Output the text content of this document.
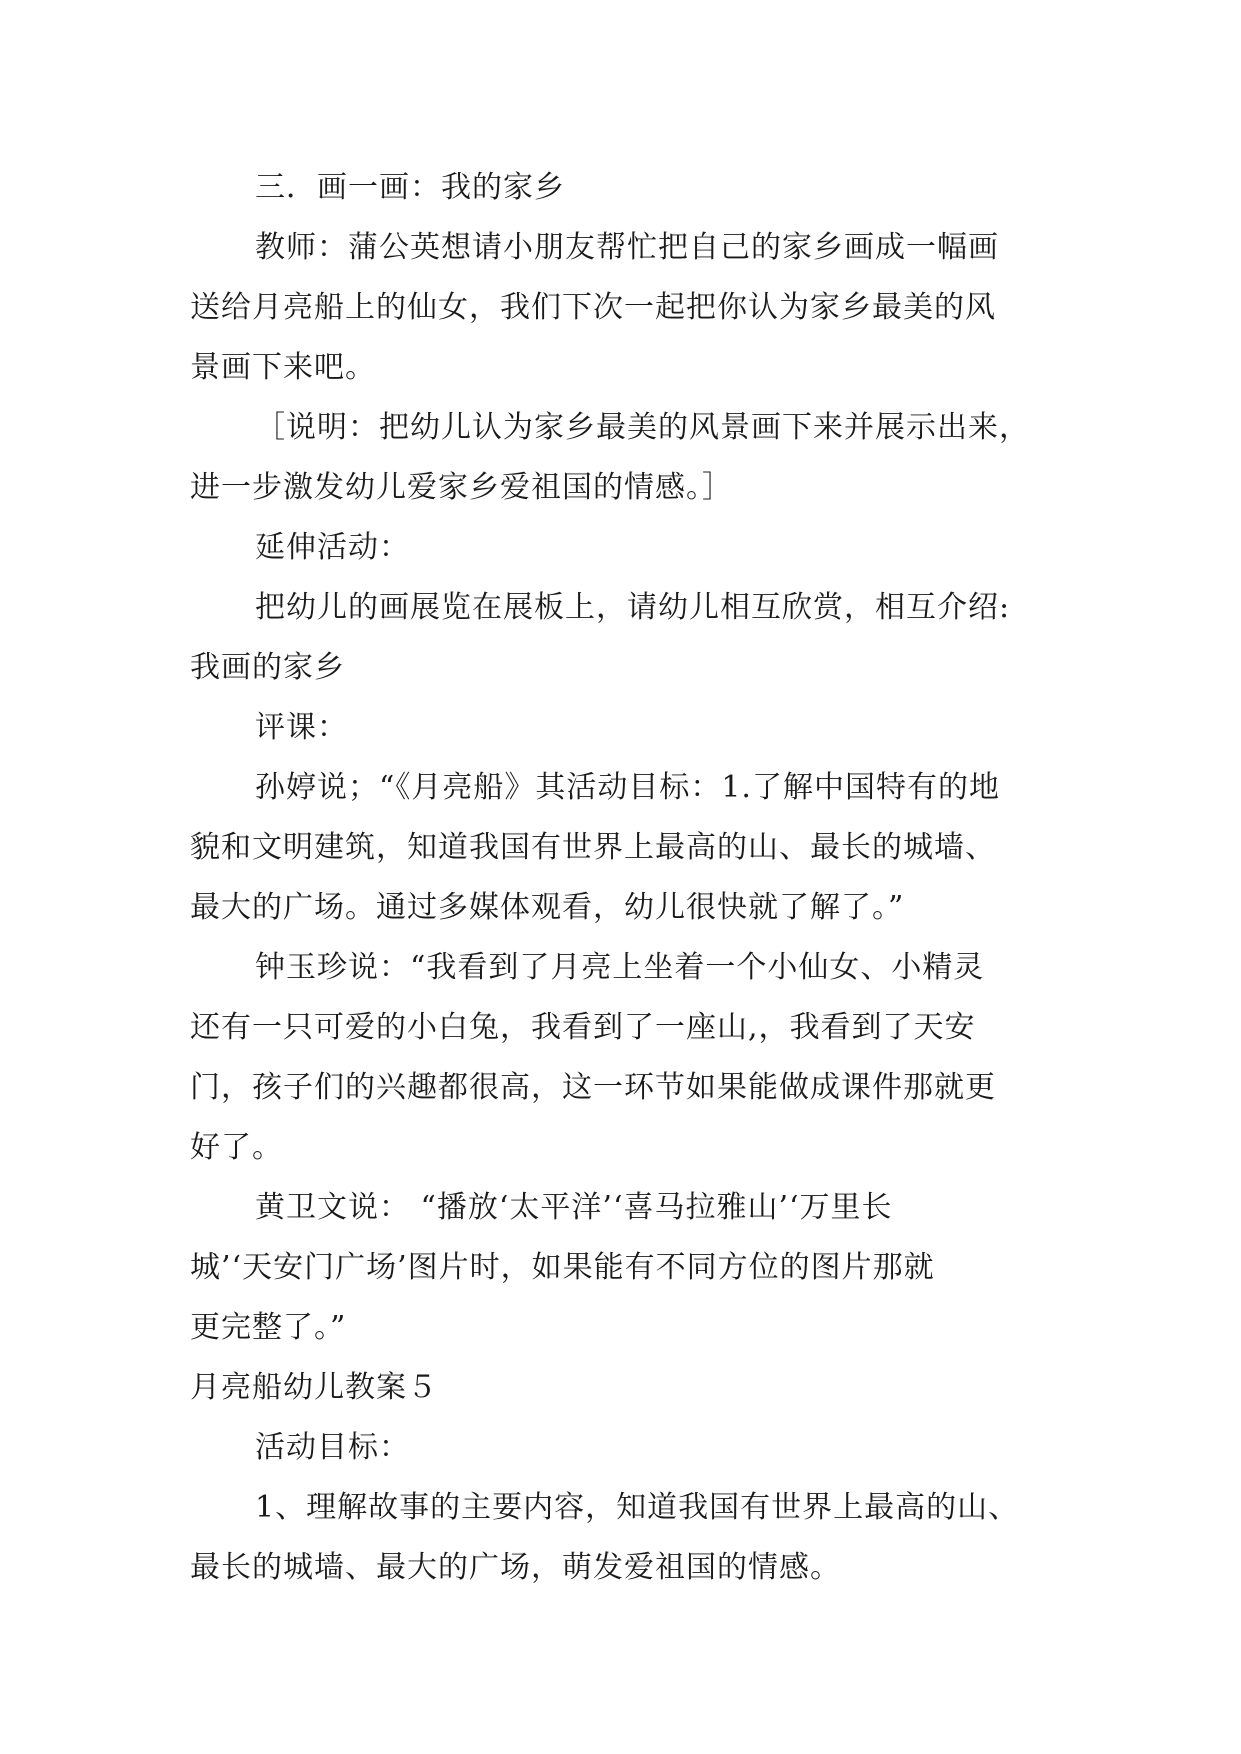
三．画一画：我的家乡
教师：蒲公英想请小朋友帮忙把自己的家乡画成一幅画
送给月亮船上的仙女，我们下次一起把你认为家乡最美的风
景画下来吧。
［说明：把幼儿认为家乡最美的风景画下来并展示出来，
进一步激发幼儿爱家乡爱祖国的情感。］
延伸活动：
把幼儿的画展览在展板上，请幼儿相互欣赏，相互介绍:
我画的家乡
评课：
孙婷说；“《月亮船》其活动目标：1.了解中国特有的地
貌和文明建筑，知道我国有世界上最高的山、最长的城墙、
最大的广场。通过多媒体观看，幼儿很快就了解了。”
钟玉珍说：“我看到了月亮上坐着一个小仙女、小精灵
还有一只可爱的小白兔，我看到了一座山,，我看到了天安
门，孩子们的兴趣都很高，这一环节如果能做成课件那就更
好了。
黄卫文说： “播放‘太平洋’‘喜马拉雅山’‘万里长
城’‘天安门广场’图片时，如果能有不同方位的图片那就
更完整了。”
月亮船幼儿教案５
活动目标：
1、理解故事的主要内容，知道我国有世界上最高的山、
最长的城墙、最大的广场，萌发爱祖国的情感。
